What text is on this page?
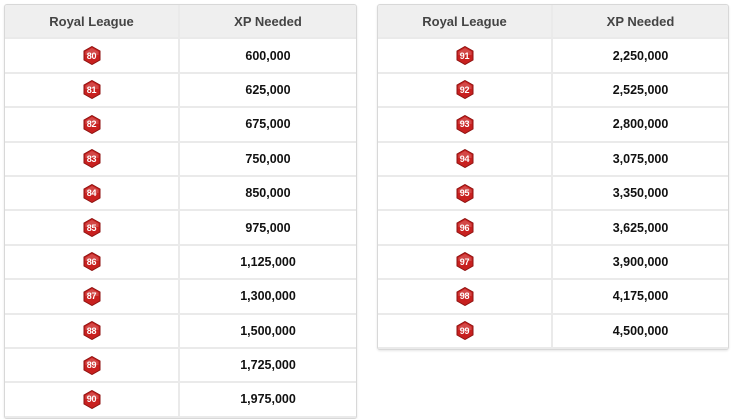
Royal League	XP Needed
80	600,000
81	625,000
82	675,000
83	750,000
84	850,000
85	975,000
86	1,125,000
87	1,300,000
88	1,500,000
89	1,725,000
90	1,975,000
Royal League	XP Needed
91	2,250,000
92	2,525,000
93	2,800,000
94	3,075,000
95	3,350,000
96	3,625,000
97	3,900,000
98	4,175,000
99	4,500,000
